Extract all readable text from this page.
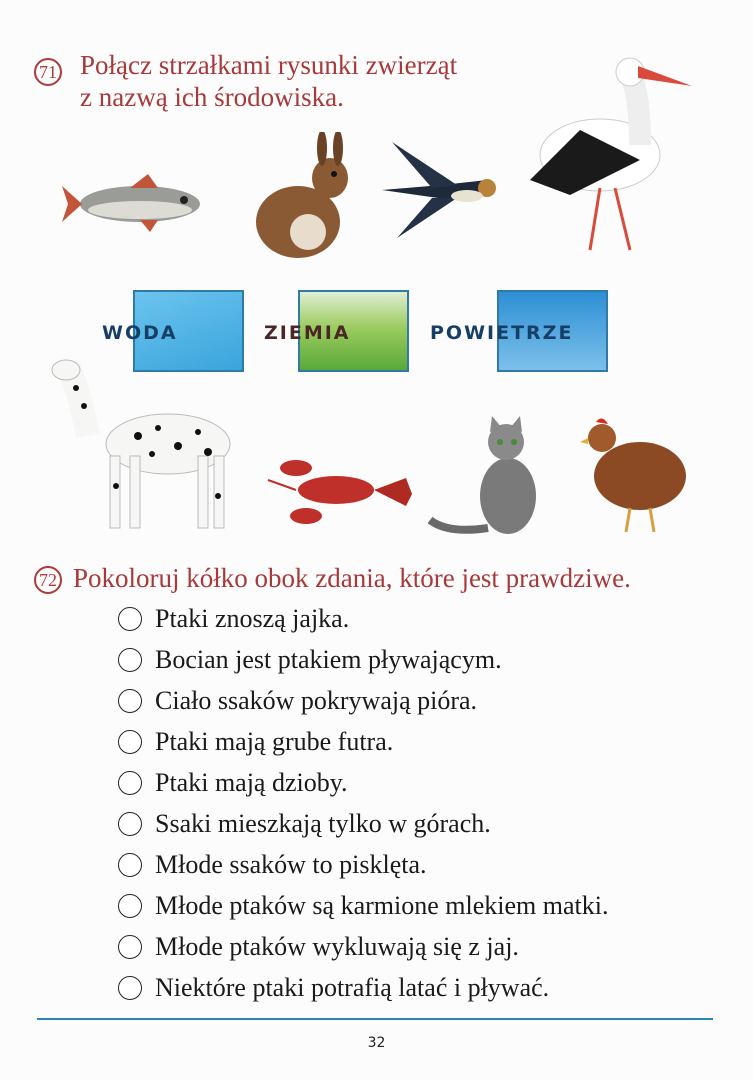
71 Połącz strzałkami rysunki zwierząt
z nazwą ich środowiska.
WODA	ZIEMIA	POWIETRZE
72 Pokoloruj kółko obok zdania, które jest prawdziwe.
Ptaki znoszą jajka.
Bocian jest ptakiem pływającym.
Ciało ssaków pokrywają pióra.
Ptaki mają grube futra.
Ptaki mają dzioby.
Ssaki mieszkają tylko w górach.
Młode ssaków to pisklęta.
Młode ptaków są karmione mlekiem matki.
Młode ptaków wykluwają się z jaj.
Niektóre ptaki potrafią latać i pływać.
32
